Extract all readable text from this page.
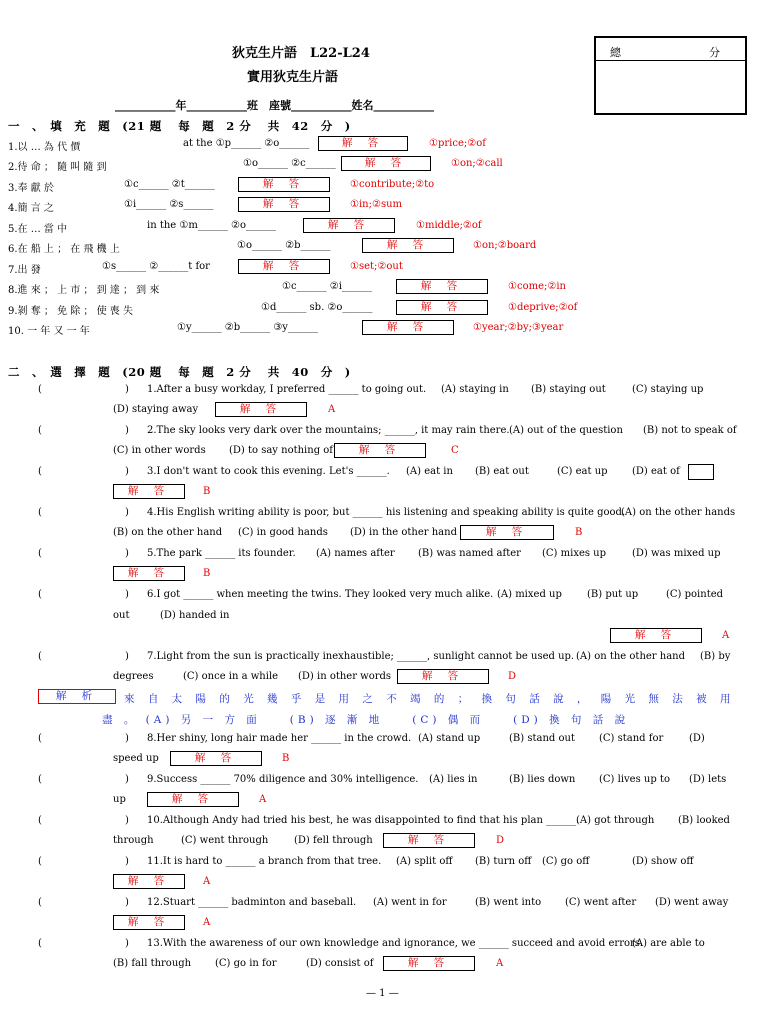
狄克生片語　L22-L24
實用狄克生片語
總　　　　　　　　分
___________年___________班　座號___________姓名___________
一　、　填　充　題　(21 題　 每　題　2 分　 共　42　分　)
1.以 … 為 代 價	at the ①p______ ②o______	解 答	①price;②of
2.待 命 ； 隨 叫 隨 到	①o______ ②c______	解 答	①on;②call
3.奉 獻 於	①c______ ②t______	解 答	①contribute;②to
4.簡 言 之	①i______ ②s______	解 答	①in;②sum
5.在 … 當 中	in the ①m______ ②o______	解 答	①middle;②of
6.在 船 上 ； 在 飛 機 上	①o______ ②b______	解 答	①on;②board
7.出 發	①s______ ②______t for	解 答	①set;②out
8.進 來 ； 上 市 ； 到 達 ； 到 來	①c______ ②i______	解 答	①come;②in
9.剝 奪 ； 免 除 ； 使 喪 失	①d______ sb. ②o______	解 答	①deprive;②of
10. 一 年 又 一 年	①y______ ②b______ ③y______	解 答	①year;②by;③year
二　、　選　擇　題　(20 題　 每　題　2 分　 共　40　分　)
(	) 1.After a busy workday, I preferred ______ to going out. (A) staying in (B) staying out	(C) staying up
(D) staying away	解 答	A
(	) 2.The sky looks very dark over the mountains; ______, it may rain there. (A) out of the question (B) not to speak of
(C) in other words (D) to say nothing of	解 答	C
(	) 3.I don't want to cook this evening. Let's ______. (A) eat in (B) eat out	(C) eat up (D) eat of
解 答	B
(	) 4.His English writing ability is poor, but ______ his listening and speaking ability is quite good.
(A) on the other hands
(B) on the other hand (C) in good hands (D) in the other hand	解 答	B
(	) 5.The park ______ its founder. (A) names after (B) was named after (C) mixes up	(D) was mixed up
解 答	B
(	) 6.I got ______ when meeting the twins. They looked very much alike. (A) mixed up	(B) put up	(C) pointed
out	(D) handed in
解 答	A
(	) 7.Light from the sun is practically inexhaustible; ______, sunlight cannot be used up. (A) on the other hand (B) by
degrees	(C) once in a while (D) in other words	解 答	D
解 析	來 自 太 陽 的 光 幾 乎 是 用 之 不 竭 的 ； 換 句 話 說 ， 陽 光 無 法 被 用
盡 。 (A) 另 一 方 面　　(B) 逐 漸 地　　(C) 偶 而　　(D) 換 句 話 說
(	) 8.Her shiny, long hair made her ______ in the crowd. (A) stand up	(B) stand out (C) stand for	(D)
speed up	解 答	B
(	) 9.Success ______ 70% diligence and 30% intelligence. (A) lies in	(B) lies down (C) lives up to (D) lets
up	解 答	A
(	) 10.Although Andy had tried his best, he was disappointed to find that his plan ______.
(A) got through (B) looked
through	(C) went through	(D) fell through	解 答	D
(	) 11.It is hard to ______ a branch from that tree. (A) split off (B) turn off (C) go off	(D) show off
解 答	A
(	) 12.Stuart ______ badminton and baseball. (A) went in for	(B) went into (C) went after (D) went away
解 答	A
(	) 13.With the awareness of our own knowledge and ignorance, we ______ succeed and avoid errors.
(A) are able to
(B) fall through (C) go in for	(D) consist of	解 答	A
— 1 —
